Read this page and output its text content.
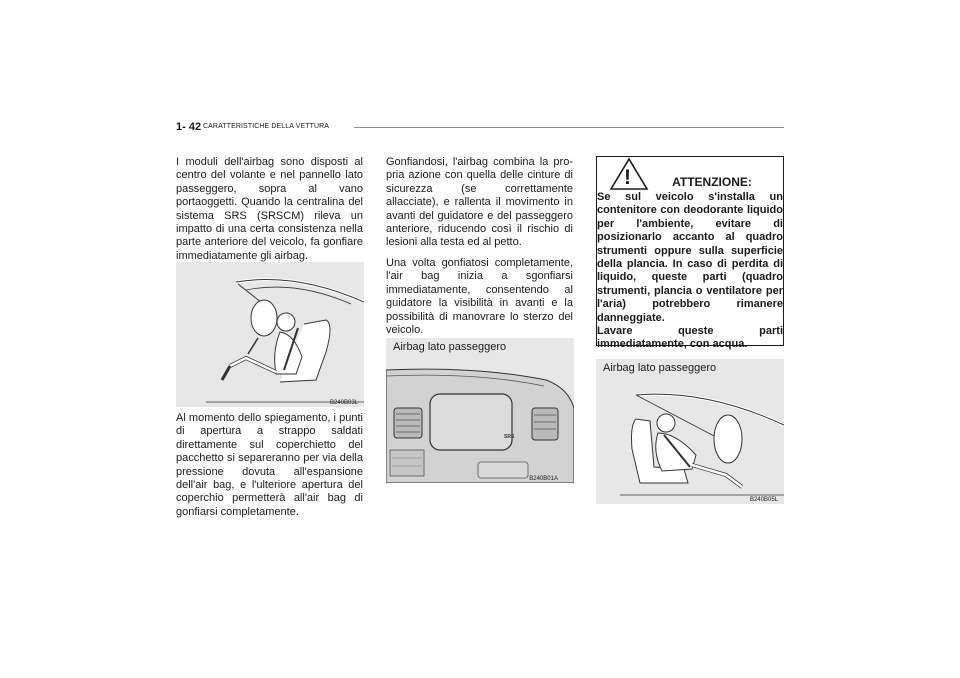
1- 42 CARATTERISTICHE DELLA VETTURA

I moduli dell'airbag sono disposti al centro del volante e nel pannello lato passeggero, sopra al vano portaoggetti. Quando la centralina del sistema SRS (SRSCM) rileva un impatto di una certa consistenza nella parte anteriore del veicolo, fa gonfiare immediatamente gli airbag.

B240B03L

Al momento dello spiegamento, i punti di apertura a strappo saldati direttamente sul coperchietto del pacchetto si separeranno per via della pressione dovuta all'espansione dell'air bag, e l'ulteriore apertura del coperchio permetterà all'air bag di gonfiarsi completamente.

Gonfiandosi, l'airbag combina la pro-pria azione con quella delle cinture di sicurezza (se correttamente allacciate), e rallenta il movimento in avanti del guidatore e del passeggero anteriore, riducendo così il rischio di lesioni alla testa ed al petto.

Una volta gonfiatosi completamente, l'air bag inizia a sgonfiarsi immediatamente, consentendo al guidatore la visibilità in avanti e la possibilità di manovrare lo sterzo del veicolo.

Airbag lato passeggero
SRS
B240B01A
!	ATTENZIONE:
Se sul veicolo s'installa un contenitore con deodorante liquido per l'ambiente, evitare di posizionarlo accanto al quadro strumenti oppure sulla superficie della plancia. In caso di perdita di liquido, queste parti (quadro strumenti, plancia o ventilatore per l'aria) potrebbero rimanere danneggiate.
Lavare queste parti immediatamente, con acqua.
Airbag lato passeggero
B240B05L
